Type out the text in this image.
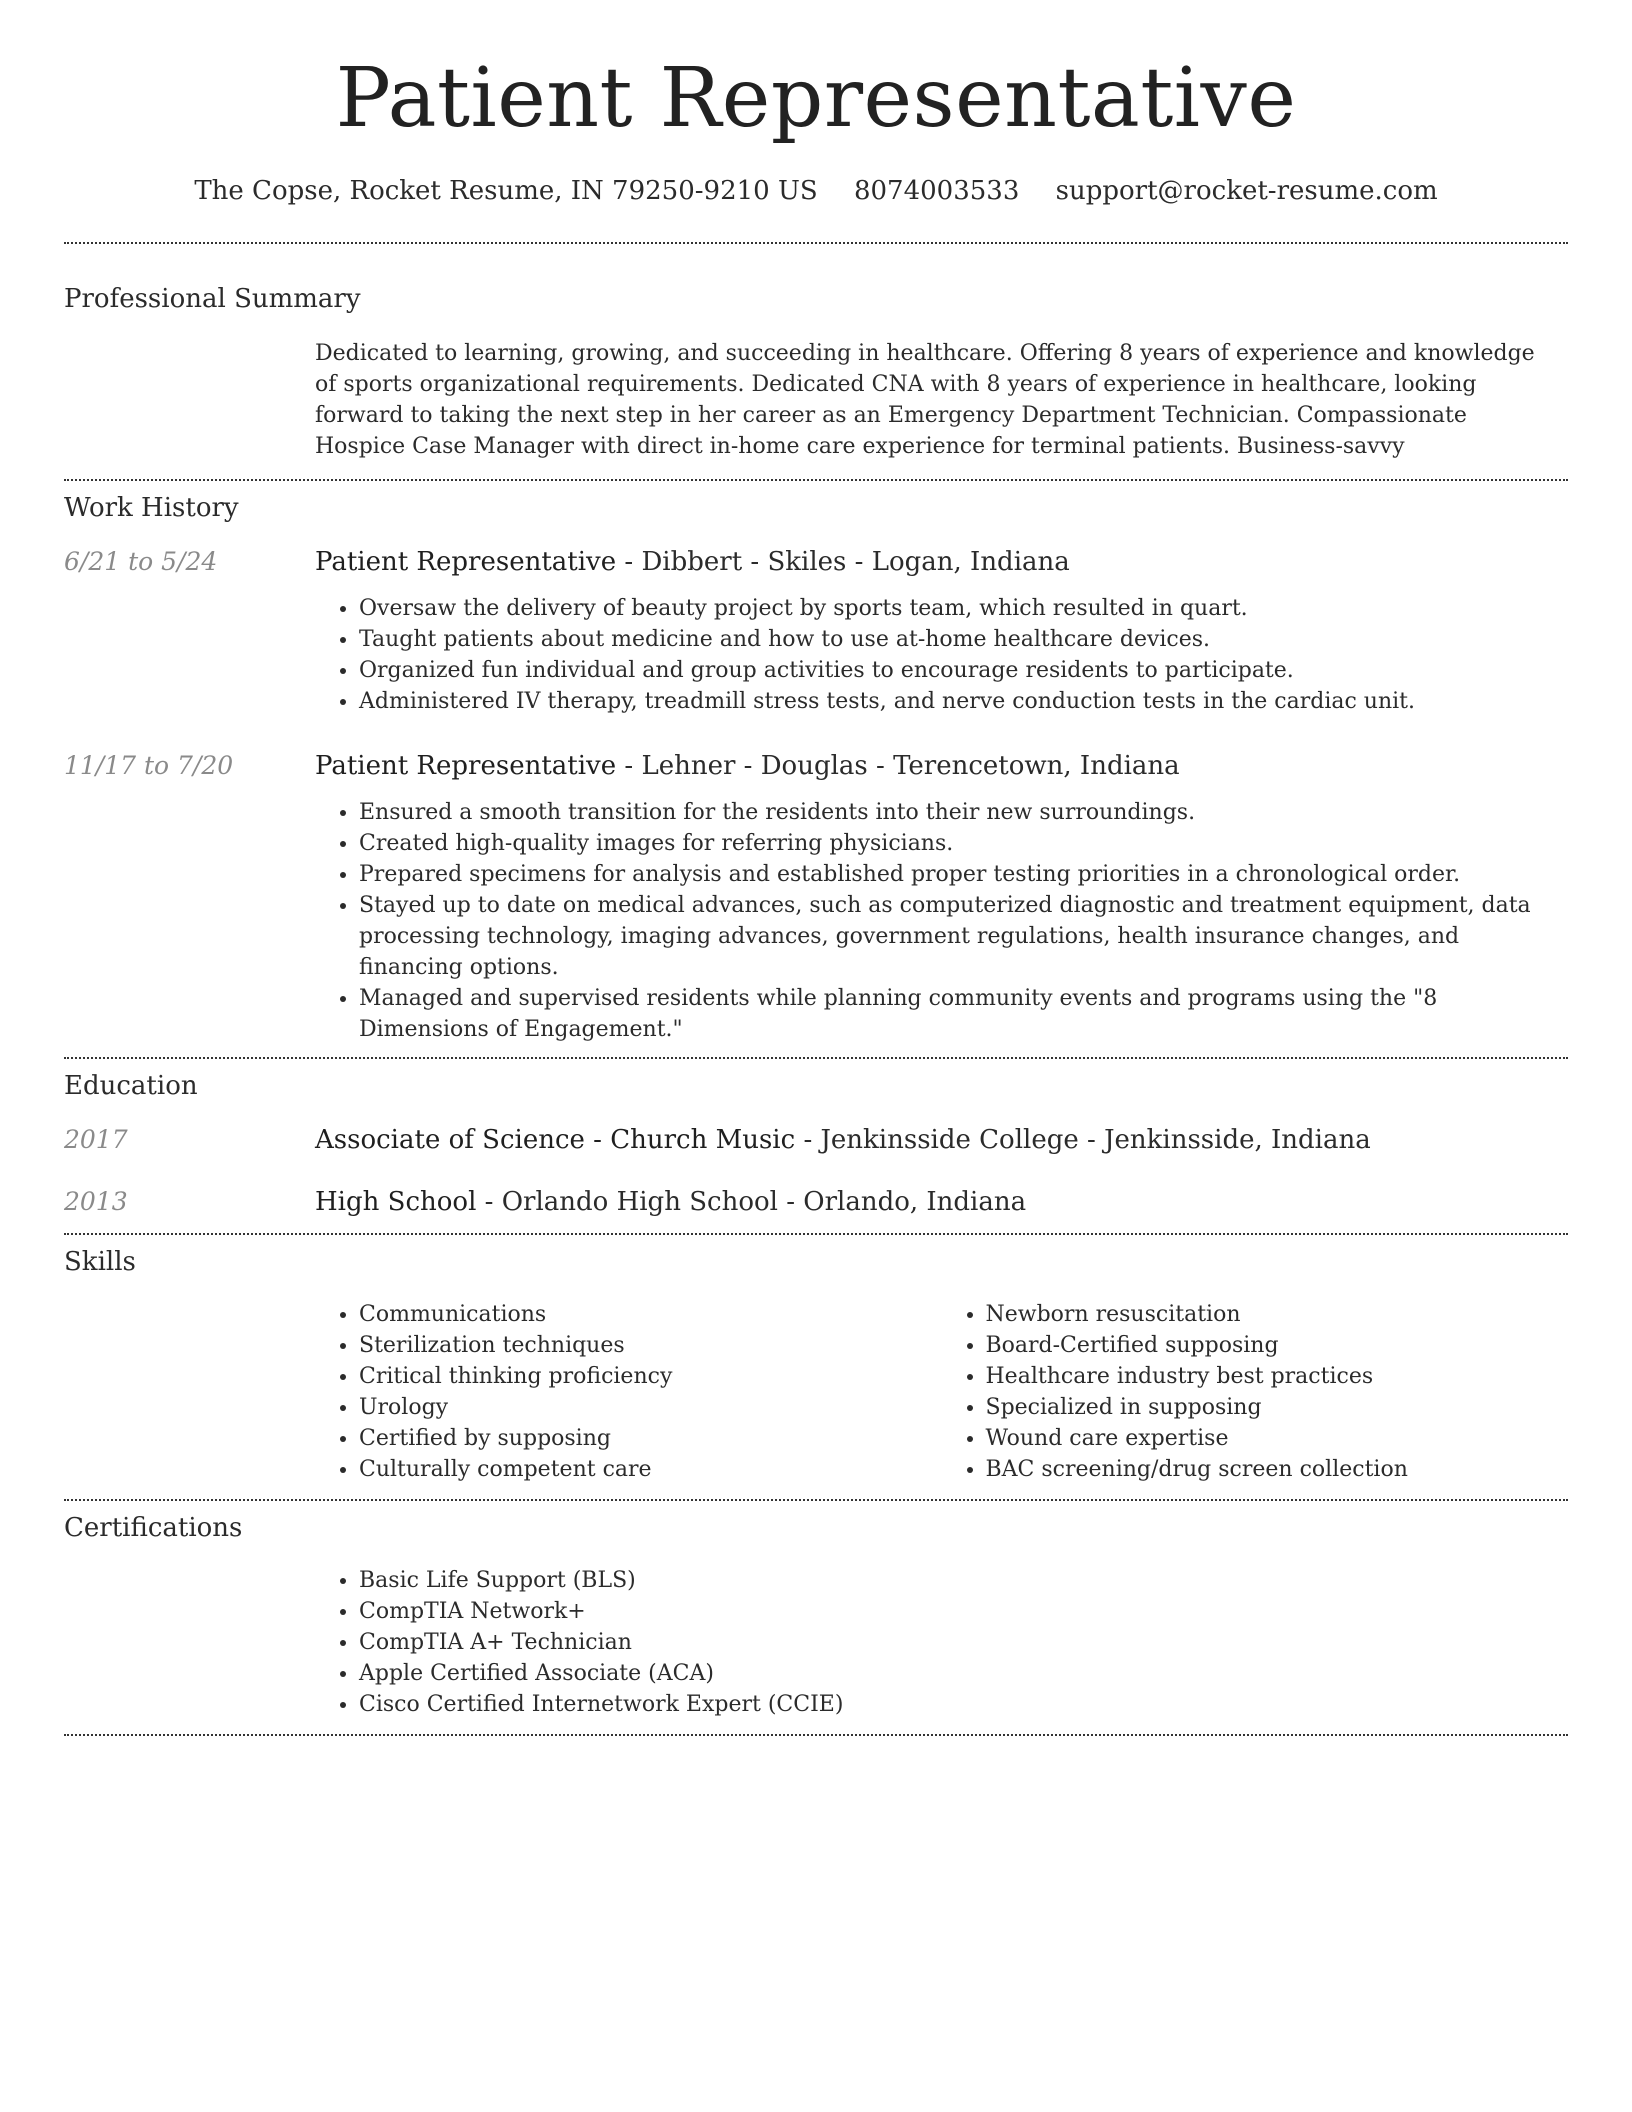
Patient Representative
The Copse, Rocket Resume, IN 79250-9210 US 8074003533 support@rocket-resume.com
Professional Summary

Dedicated to learning, growing, and succeeding in healthcare. Offering 8 years of experience and knowledge of sports organizational requirements. Dedicated CNA with 8 years of experience in healthcare, looking forward to taking the next step in her career as an Emergency Department Technician. Compassionate Hospice Case Manager with direct in-home care experience for terminal patients. Business-savvy

Work History
6/21 to 5/24	Patient Representative - Dibbert - Skiles - Logan, Indiana
• Oversaw the delivery of beauty project by sports team, which resulted in quart.
• Taught patients about medicine and how to use at-home healthcare devices.
• Organized fun individual and group activities to encourage residents to participate.
• Administered IV therapy, treadmill stress tests, and nerve conduction tests in the cardiac unit.
11/17 to 7/20	Patient Representative - Lehner - Douglas - Terencetown, Indiana
• Ensured a smooth transition for the residents into their new surroundings.
• Created high-quality images for referring physicians.
• Prepared specimens for analysis and established proper testing priorities in a chronological order.
• Stayed up to date on medical advances, such as computerized diagnostic and treatment equipment, data processing technology, imaging advances, government regulations, health insurance changes, and financing options.
• Managed and supervised residents while planning community events and programs using the "8 Dimensions of Engagement."
Education
2017	Associate of Science - Church Music - Jenkinsside College - Jenkinsside, Indiana
2013	High School - Orlando High School - Orlando, Indiana
Skills
• Communications
• Sterilization techniques
• Critical thinking proficiency
• Urology
• Certified by supposing
• Culturally competent care
• Newborn resuscitation
• Board-Certified supposing
• Healthcare industry best practices
• Specialized in supposing
• Wound care expertise
• BAC screening/drug screen collection
Certifications
• Basic Life Support (BLS)
• CompTIA Network+
• CompTIA A+ Technician
• Apple Certified Associate (ACA)
• Cisco Certified Internetwork Expert (CCIE)
